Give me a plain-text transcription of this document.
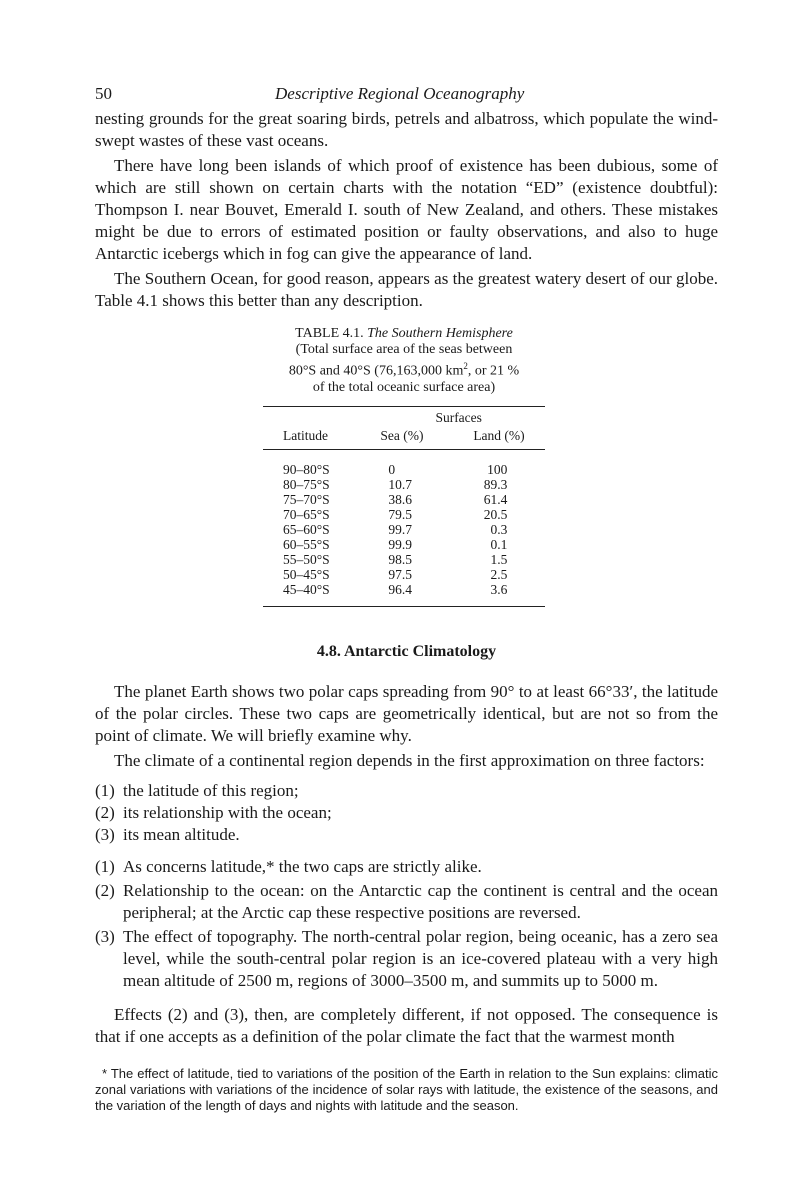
50	Descriptive Regional Oceanography

nesting grounds for the great soaring birds, petrels and albatross, which populate the wind-swept wastes of these vast oceans.

There have long been islands of which proof of existence has been dubious, some of which are still shown on certain charts with the notation “ED” (existence doubtful): Thompson I. near Bouvet, Emerald I. south of New Zealand, and others. These mistakes might be due to errors of estimated position or faulty observations, and also to huge Antarctic icebergs which in fog can give the appearance of land.

The Southern Ocean, for good reason, appears as the greatest watery desert of our globe. Table 4.1 shows this better than any description.

TABLE 4.1. The Southern Hemisphere
(Total surface area of the seas between
80°S and 40°S (76,163,000 $km^2$, or 21 %
of the total oceanic surface area)

	Surfaces	

Latitude	Sea (%)	Land (%)
90–80°S	0	100
80–75°S	10.7	89.3
75–70°S	38.6	61.4
70–65°S	79.5	20.5
65–60°S	99.7	0.3
60–55°S	99.9	0.1
55–50°S	98.5	1.5
50–45°S	97.5	2.5
45–40°S	96.4	3.6
4.8. Antarctic Climatology

The planet Earth shows two polar caps spreading from 90° to at least 66°33′, the latitude of the polar circles. These two caps are geometrically identical, but are not so from the point of climate. We will briefly examine why.

The climate of a continental region depends in the first approximation on three factors:

(1) the latitude of this region;
(2) its relationship with the ocean;
(3) its mean altitude.
(1) As concerns latitude,* the two caps are strictly alike.
(2) Relationship to the ocean: on the Antarctic cap the continent is central and the ocean peripheral; at the Arctic cap these respective positions are reversed.
(3) The effect of topography. The north-central polar region, being oceanic, has a zero sea level, while the south-central polar region is an ice-covered plateau with a very high mean altitude of 2500 m, regions of 3000–3500 m, and summits up to 5000 m.

Effects (2) and (3), then, are completely different, if not opposed. The consequence is that if one accepts as a definition of the polar climate the fact that the warmest month

* The effect of latitude, tied to variations of the position of the Earth in relation to the Sun explains: climatic zonal variations with variations of the incidence of solar rays with latitude, the existence of the seasons, and the variation of the length of days and nights with latitude and the season.
